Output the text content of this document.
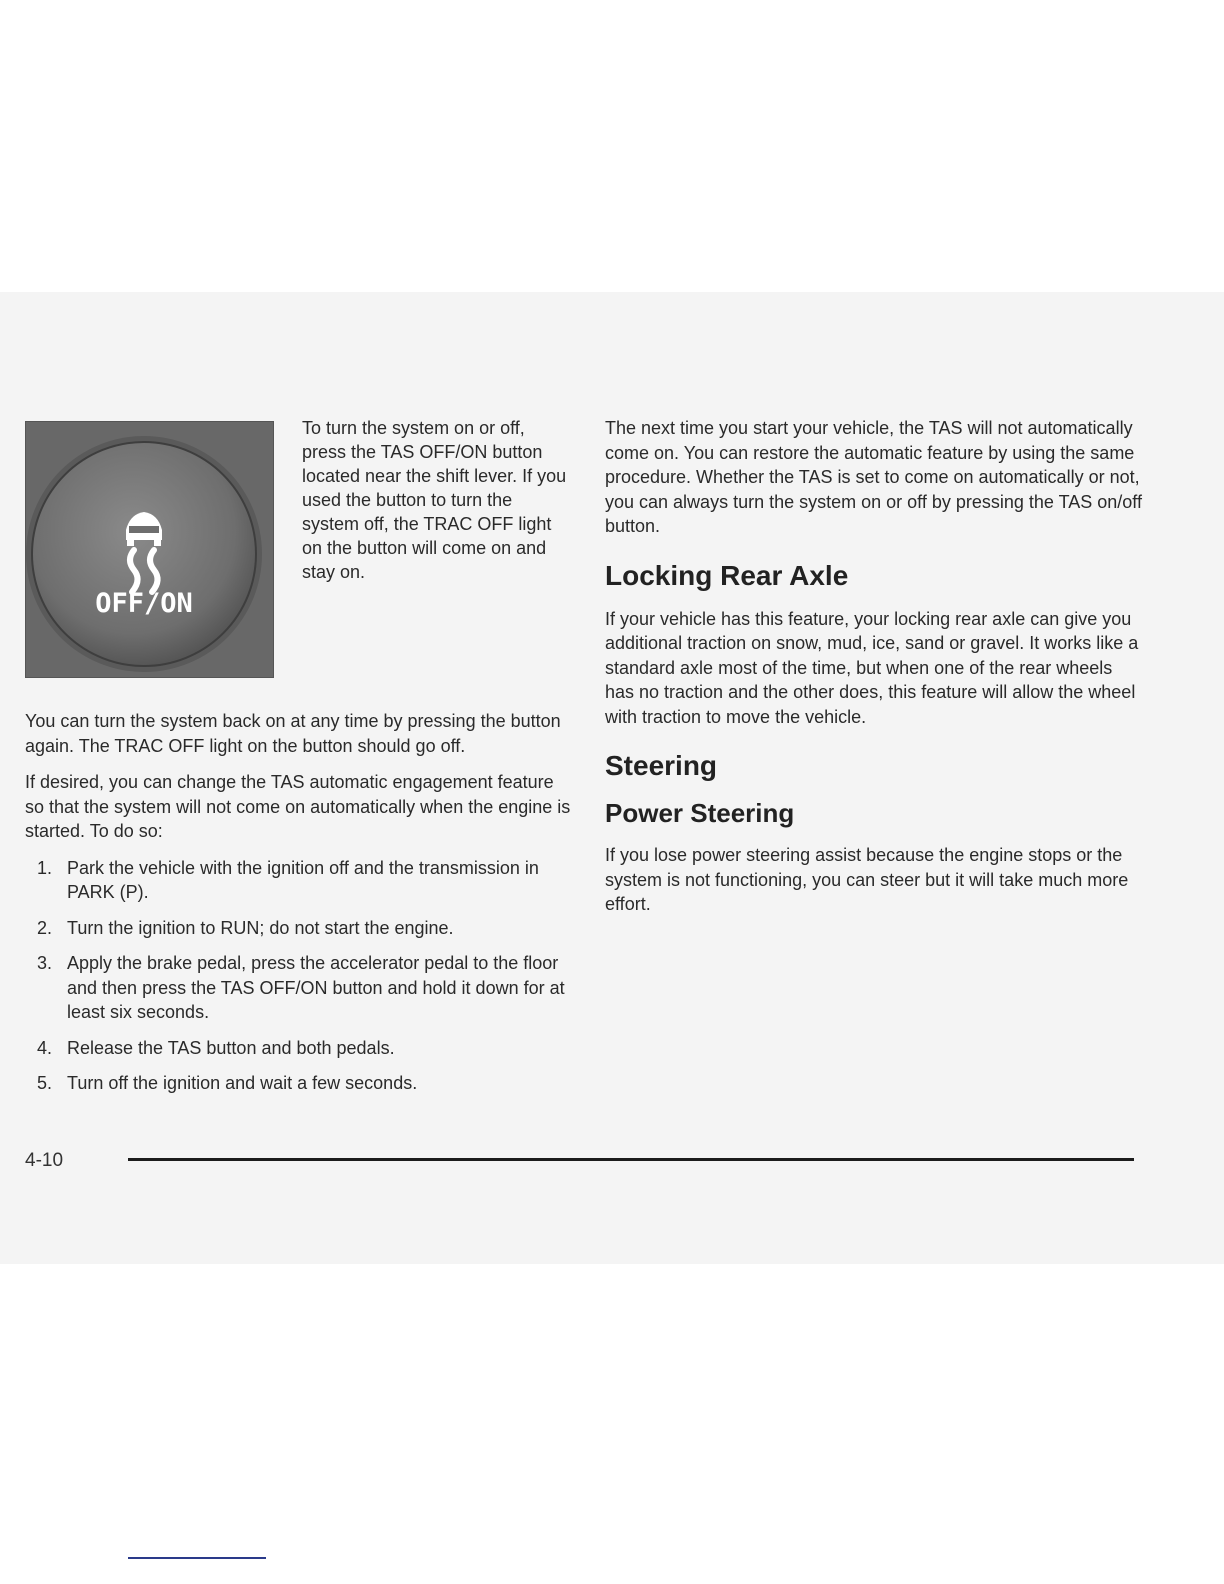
OFF/ON
To turn the system on or off, press the TAS OFF/ON button located near the shift lever. If you used the button to turn the system off, the TRAC OFF light on the button will come on and stay on.

You can turn the system back on at any time by pressing the button again. The TRAC OFF light on the button should go off.

If desired, you can change the TAS automatic engagement feature so that the system will not come on automatically when the engine is started. To do so:

1. Park the vehicle with the ignition off and the transmission in PARK (P).
2. Turn the ignition to RUN; do not start the engine.
3. Apply the brake pedal, press the accelerator pedal to the floor and then press the TAS OFF/ON button and hold it down for at least six seconds.
4. Release the TAS button and both pedals.
5. Turn off the ignition and wait a few seconds.

The next time you start your vehicle, the TAS will not automatically come on. You can restore the automatic feature by using the same procedure. Whether the TAS is set to come on automatically or not, you can always turn the system on or off by pressing the TAS on/off button.

Locking Rear Axle

If your vehicle has this feature, your locking rear axle can give you additional traction on snow, mud, ice, sand or gravel. It works like a standard axle most of the time, but when one of the rear wheels has no traction and the other does, this feature will allow the wheel with traction to move the vehicle.

Steering
Power Steering

If you lose power steering assist because the engine stops or the system is not functioning, you can steer but it will take much more effort.

4-10
